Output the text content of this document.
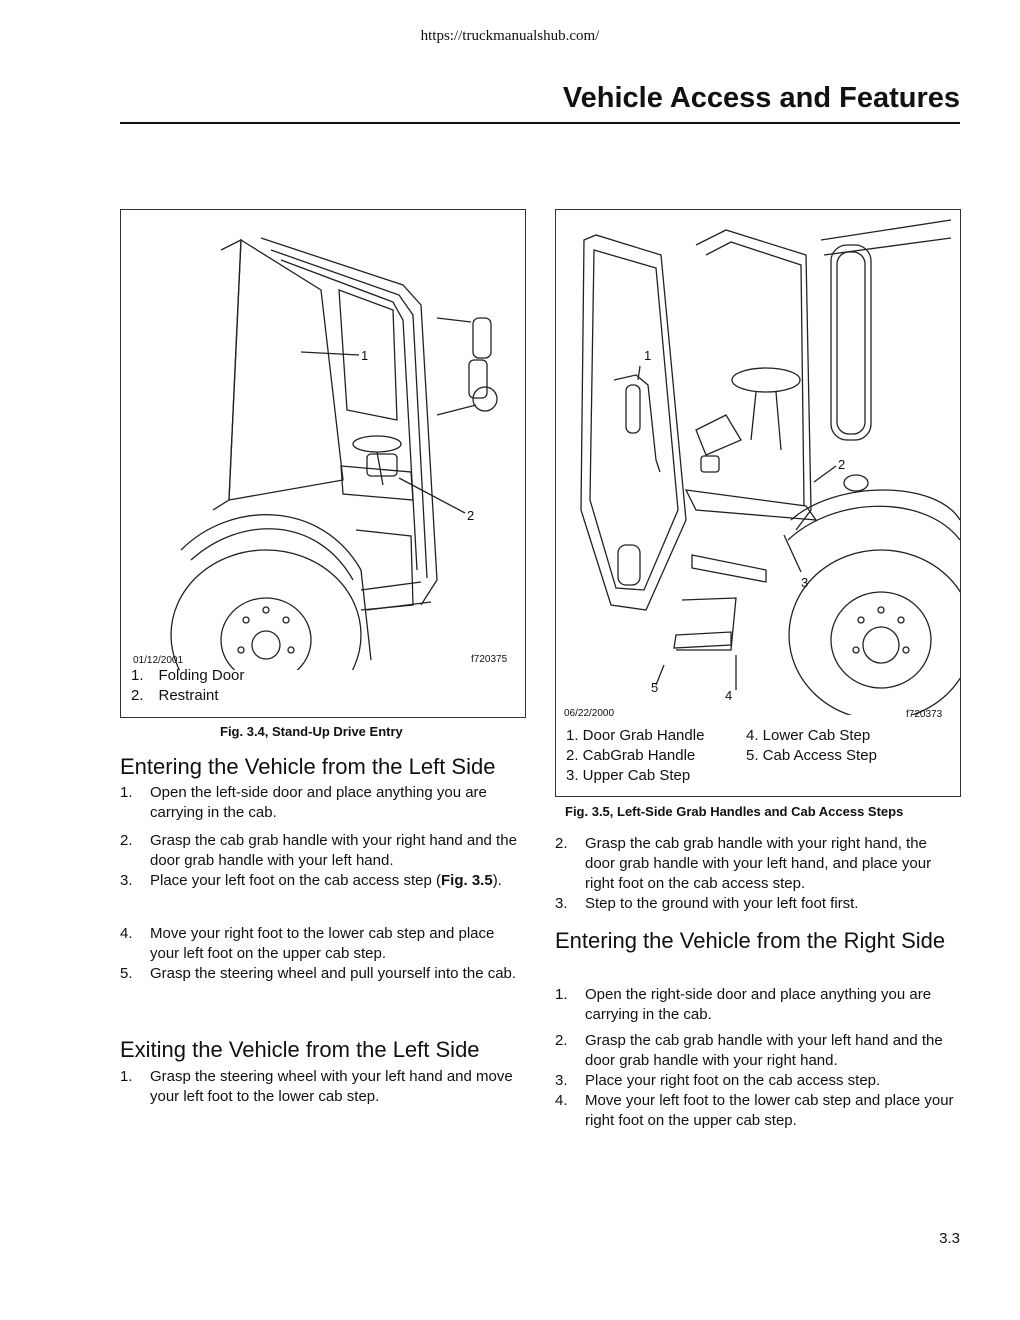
https://truckmanualshub.com/
Vehicle Access and Features
1
2
01/12/2001	f720375
1. Folding Door
2. Restraint
Fig. 3.4, Stand-Up Drive Entry
1
2
3
4
5
06/22/2000	f720373
1. Door Grab Handle
2. CabGrab Handle
3. Upper Cab Step
4. Lower Cab Step
5. Cab Access Step
Fig. 3.5, Left-Side Grab Handles and Cab Access Steps
Entering the Vehicle from the Left Side
1.	Open the left-side door and place anything you are carrying in the cab.
2.	Grasp the cab grab handle with your right hand and the door grab handle with your left hand.
3.	Place your left foot on the cab access step (Fig. 3.5).
4.	Move your right foot to the lower cab step and place your left foot on the upper cab step.
5.	Grasp the steering wheel and pull yourself into the cab.
Exiting the Vehicle from the Left Side
1.	Grasp the steering wheel with your left hand and move your left foot to the lower cab step.
2.	Grasp the cab grab handle with your right hand, the door grab handle with your left hand, and place your right foot on the cab access step.
3.	Step to the ground with your left foot first.
Entering the Vehicle from the Right Side
1.	Open the right-side door and place anything you are carrying in the cab.
2.	Grasp the cab grab handle with your left hand and the door grab handle with your right hand.
3.	Place your right foot on the cab access step.
4.	Move your left foot to the lower cab step and place your right foot on the upper cab step.
3.3
